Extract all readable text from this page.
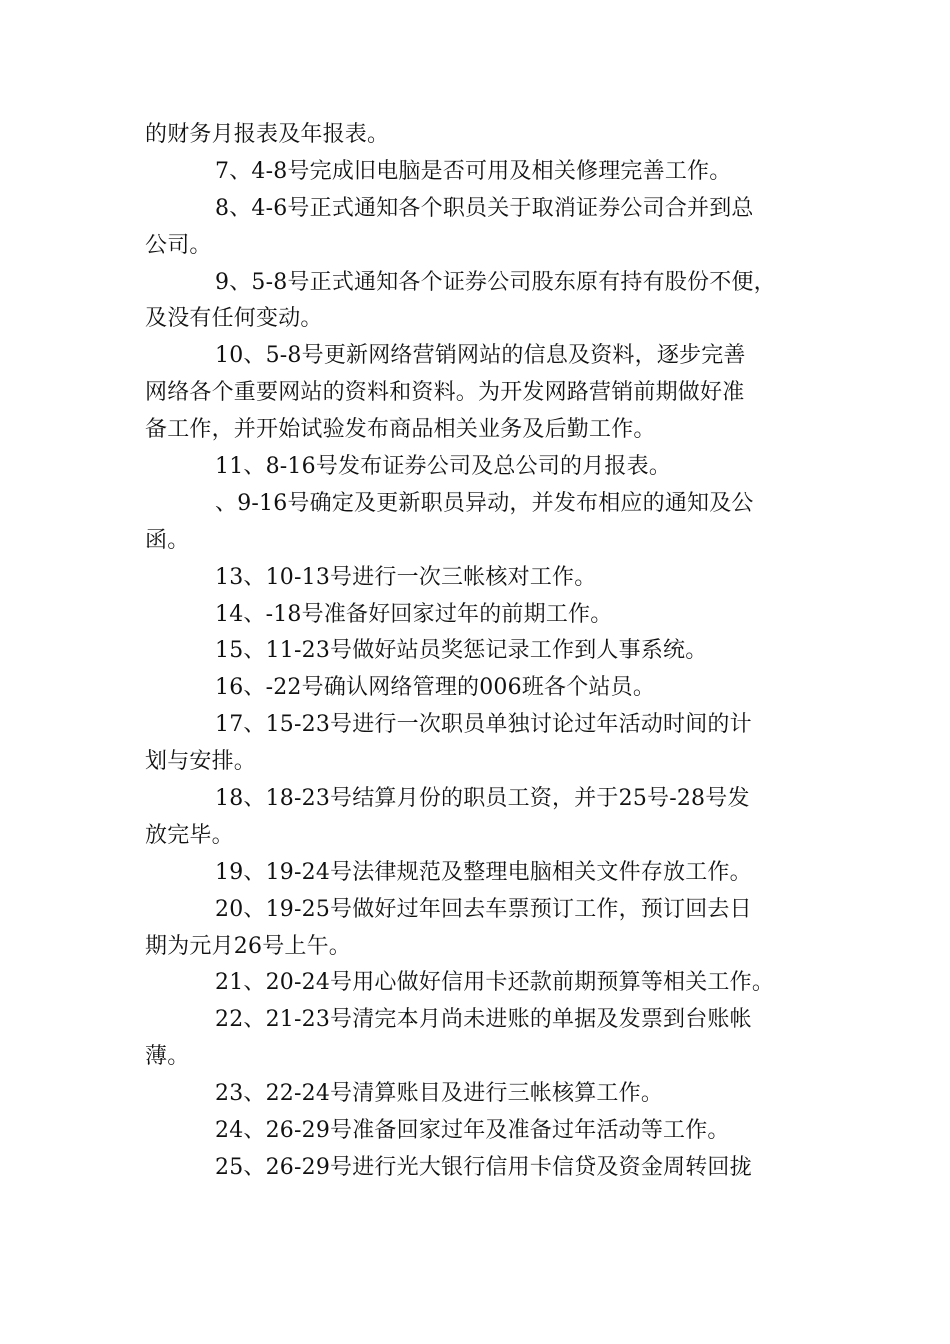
的财务月报表及年报表。
7、4-8号完成旧电脑是否可用及相关修理完善工作。
8、4-6号正式通知各个职员关于取消证券公司合并到总
公司。
9、5-8号正式通知各个证券公司股东原有持有股份不便，
及没有任何变动。
10、5-8号更新网络营销网站的信息及资料，逐步完善
网络各个重要网站的资料和资料。为开发网路营销前期做好准
备工作，并开始试验发布商品相关业务及后勤工作。
11、8-16号发布证券公司及总公司的月报表。
、9-16号确定及更新职员异动，并发布相应的通知及公
函。
13、10-13号进行一次三帐核对工作。
14、-18号准备好回家过年的前期工作。
15、11-23号做好站员奖惩记录工作到人事系统。
16、-22号确认网络管理的006班各个站员。
17、15-23号进行一次职员单独讨论过年活动时间的计
划与安排。
18、18-23号结算月份的职员工资，并于25号-28号发
放完毕。
19、19-24号法律规范及整理电脑相关文件存放工作。
20、19-25号做好过年回去车票预订工作，预订回去日
期为元月26号上午。
21、20-24号用心做好信用卡还款前期预算等相关工作。
22、21-23号清完本月尚未进账的单据及发票到台账帐
薄。
23、22-24号清算账目及进行三帐核算工作。
24、26-29号准备回家过年及准备过年活动等工作。
25、26-29号进行光大银行信用卡信贷及资金周转回拢
